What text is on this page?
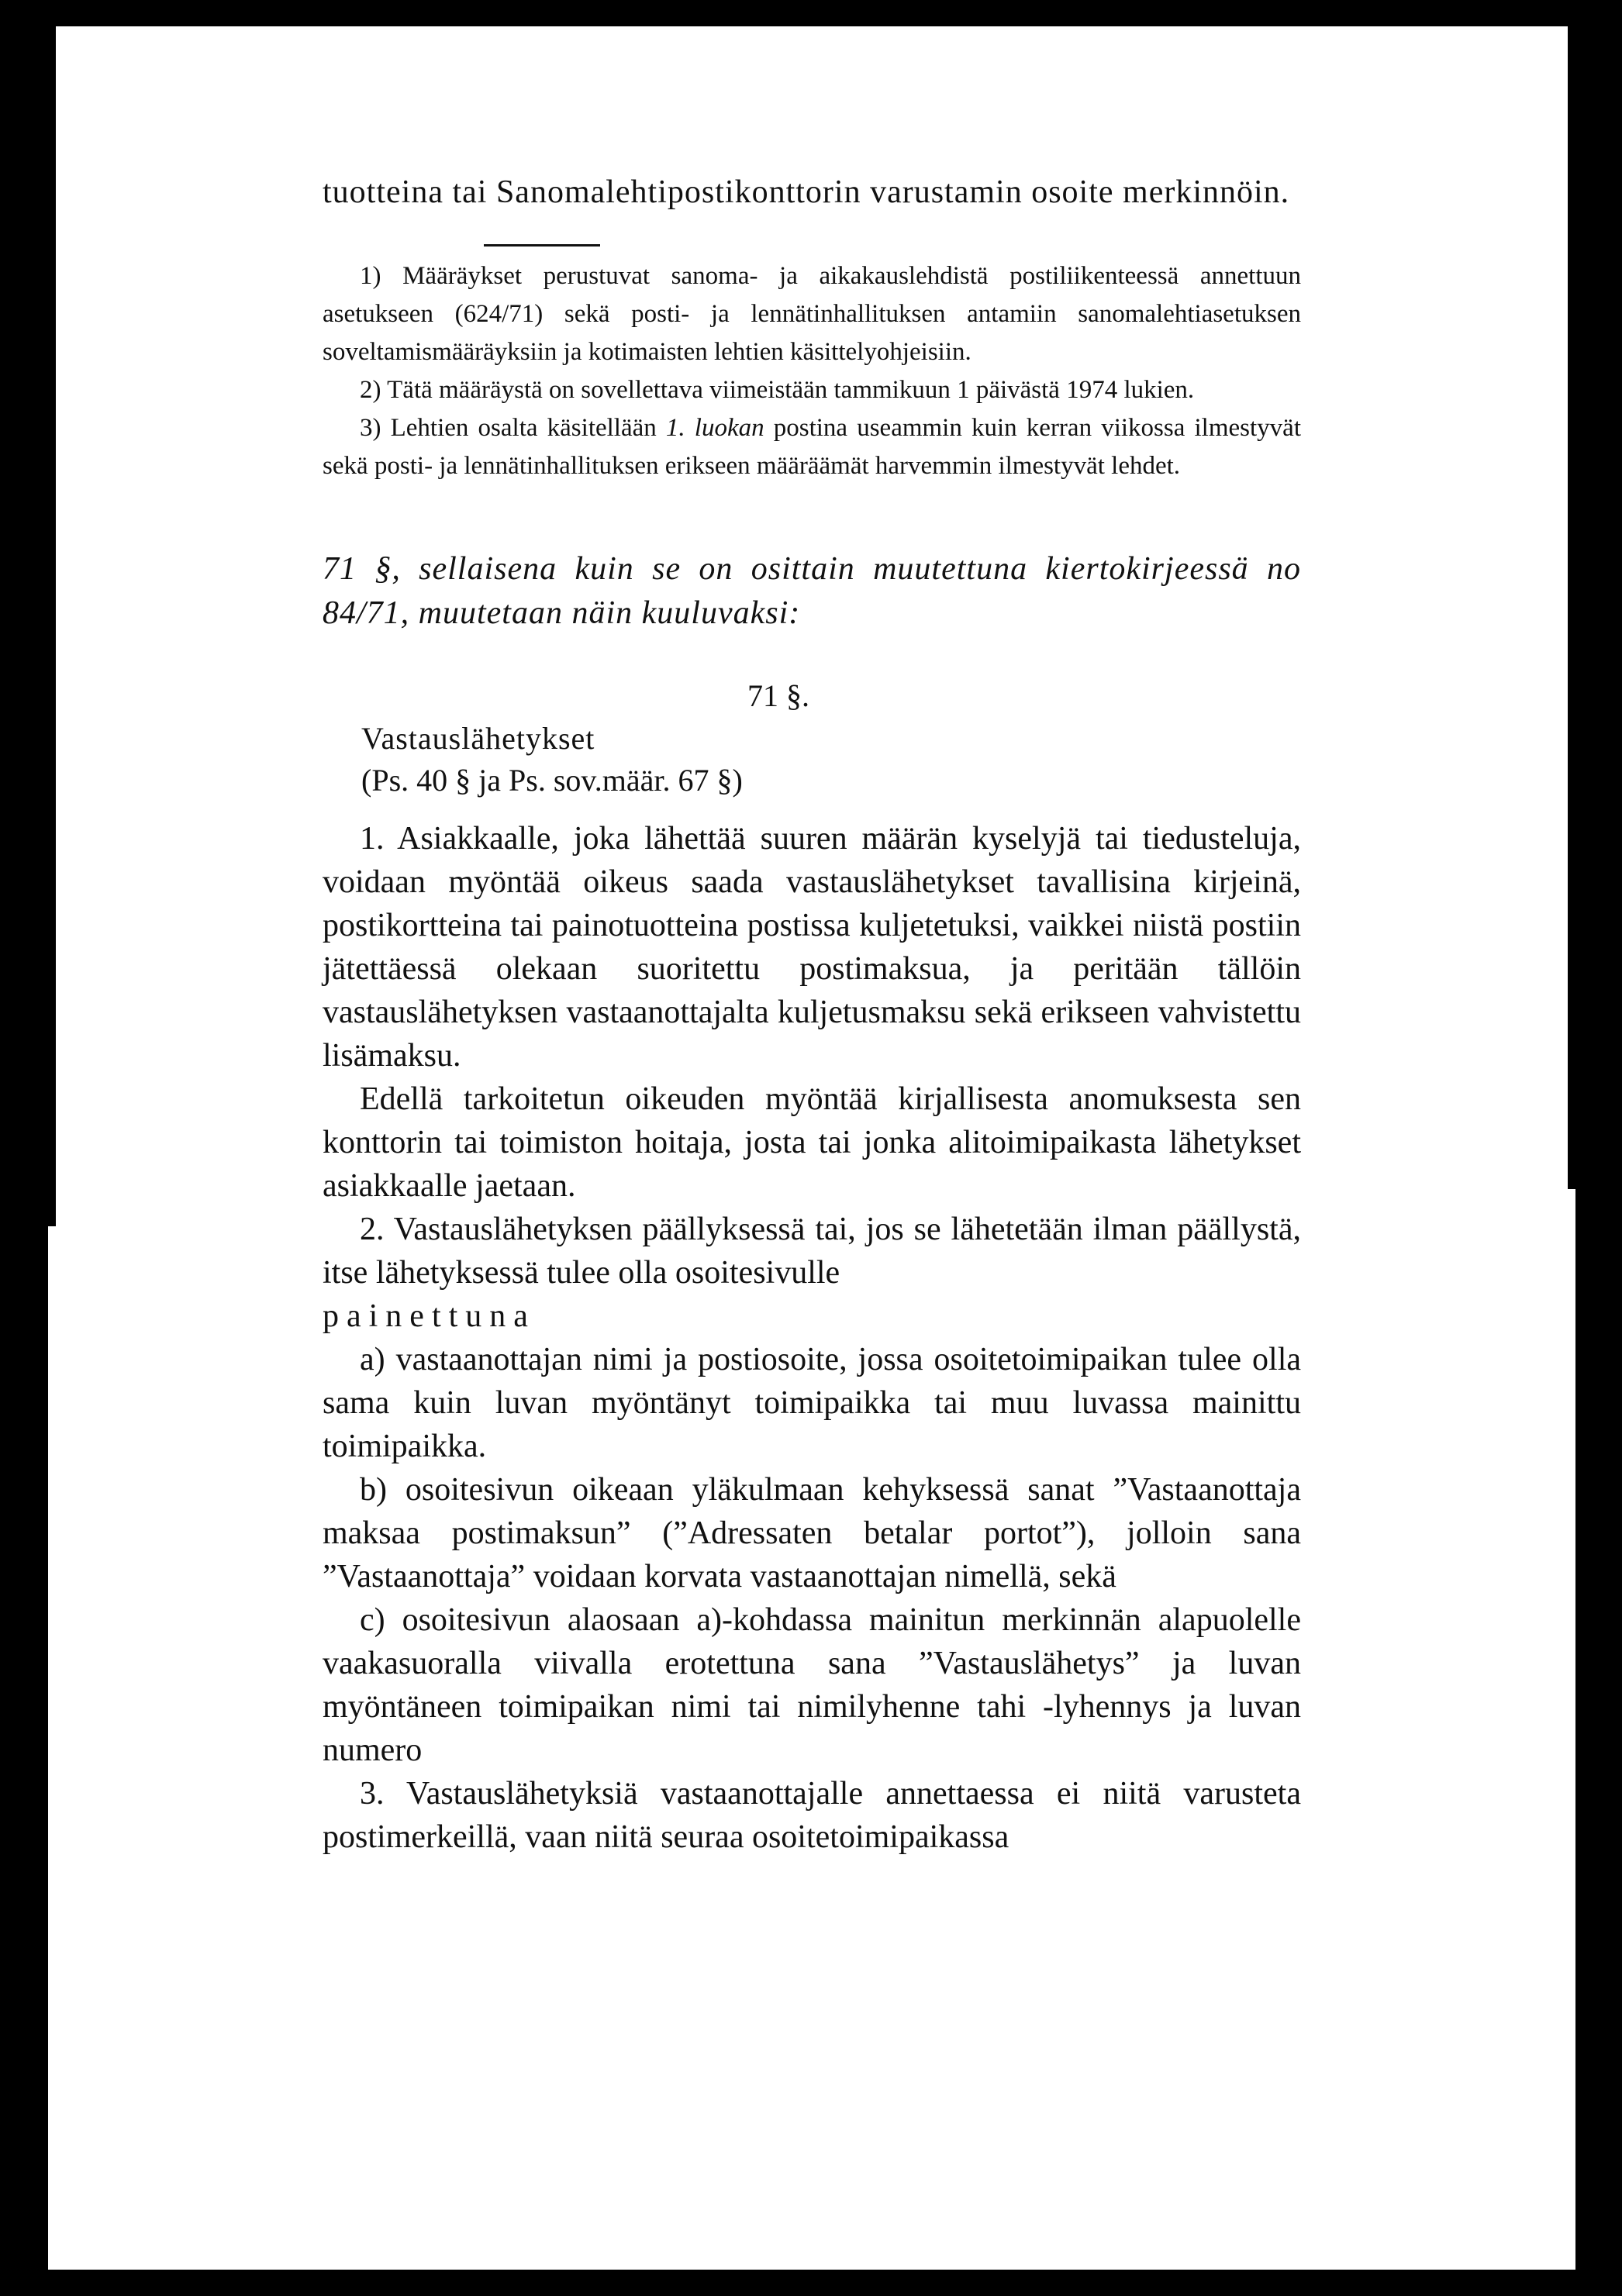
tuotteina tai Sanomalehtipostikonttorin varustamin osoite merkinnöin.

1) Määräykset perustuvat sanoma- ja aikakauslehdistä postiliikenteessä annettuun asetukseen (624/71) sekä posti- ja lennätinhallituksen antamiin sanomalehtiasetuksen soveltamismääräyksiin ja kotimaisten lehtien käsittelyohjeisiin.

2) Tätä määräystä on sovellettava viimeistään tammikuun 1 päivästä 1974 lukien.

3) Lehtien osalta käsitellään 1. luokan postina useammin kuin kerran viikossa ilmestyvät sekä posti- ja lennätinhallituksen erikseen määräämät harvemmin ilmestyvät lehdet.

71 §, sellaisena kuin se on osittain muutettuna kiertokirjeessä no 84/71, muutetaan näin kuuluvaksi:

71 §.
Vastauslähetykset
(Ps. 40 § ja Ps. sov.määr. 67 §)

1. Asiakkaalle, joka lähettää suuren määrän kyselyjä tai tiedusteluja, voidaan myöntää oikeus saada vastauslähetykset tavallisina kirjeinä, postikortteina tai painotuotteina postissa kuljetetuksi, vaikkei niistä postiin jätettäessä olekaan suoritettu postimaksua, ja peritään tällöin vastauslähetyksen vastaanottajalta kuljetusmaksu sekä erikseen vahvistettu lisämaksu.

Edellä tarkoitetun oikeuden myöntää kirjallisesta anomuksesta sen konttorin tai toimiston hoitaja, josta tai jonka alitoimipaikasta lähetykset asiakkaalle jaetaan.

2. Vastauslähetyksen päällyksessä tai, jos se lähetetään ilman päällystä, itse lähetyksessä tulee olla osoitesivulle

painettuna

a) vastaanottajan nimi ja postiosoite, jossa osoitetoimipaikan tulee olla sama kuin luvan myöntänyt toimipaikka tai muu luvassa mainittu toimipaikka.

b) osoitesivun oikeaan yläkulmaan kehyksessä sanat ”Vastaanottaja maksaa postimaksun” (”Adressaten betalar portot”), jolloin sana ”Vastaanottaja” voidaan korvata vastaanottajan nimellä, sekä

c) osoitesivun alaosaan a)-kohdassa mainitun merkinnän alapuolelle vaakasuoralla viivalla erotettuna sana ”Vastauslähetys” ja luvan myöntäneen toimipaikan nimi tai nimilyhenne tahi -lyhennys ja luvan numero

3. Vastauslähetyksiä vastaanottajalle annettaessa ei niitä varusteta postimerkeillä, vaan niitä seuraa osoitetoimipaikassa
